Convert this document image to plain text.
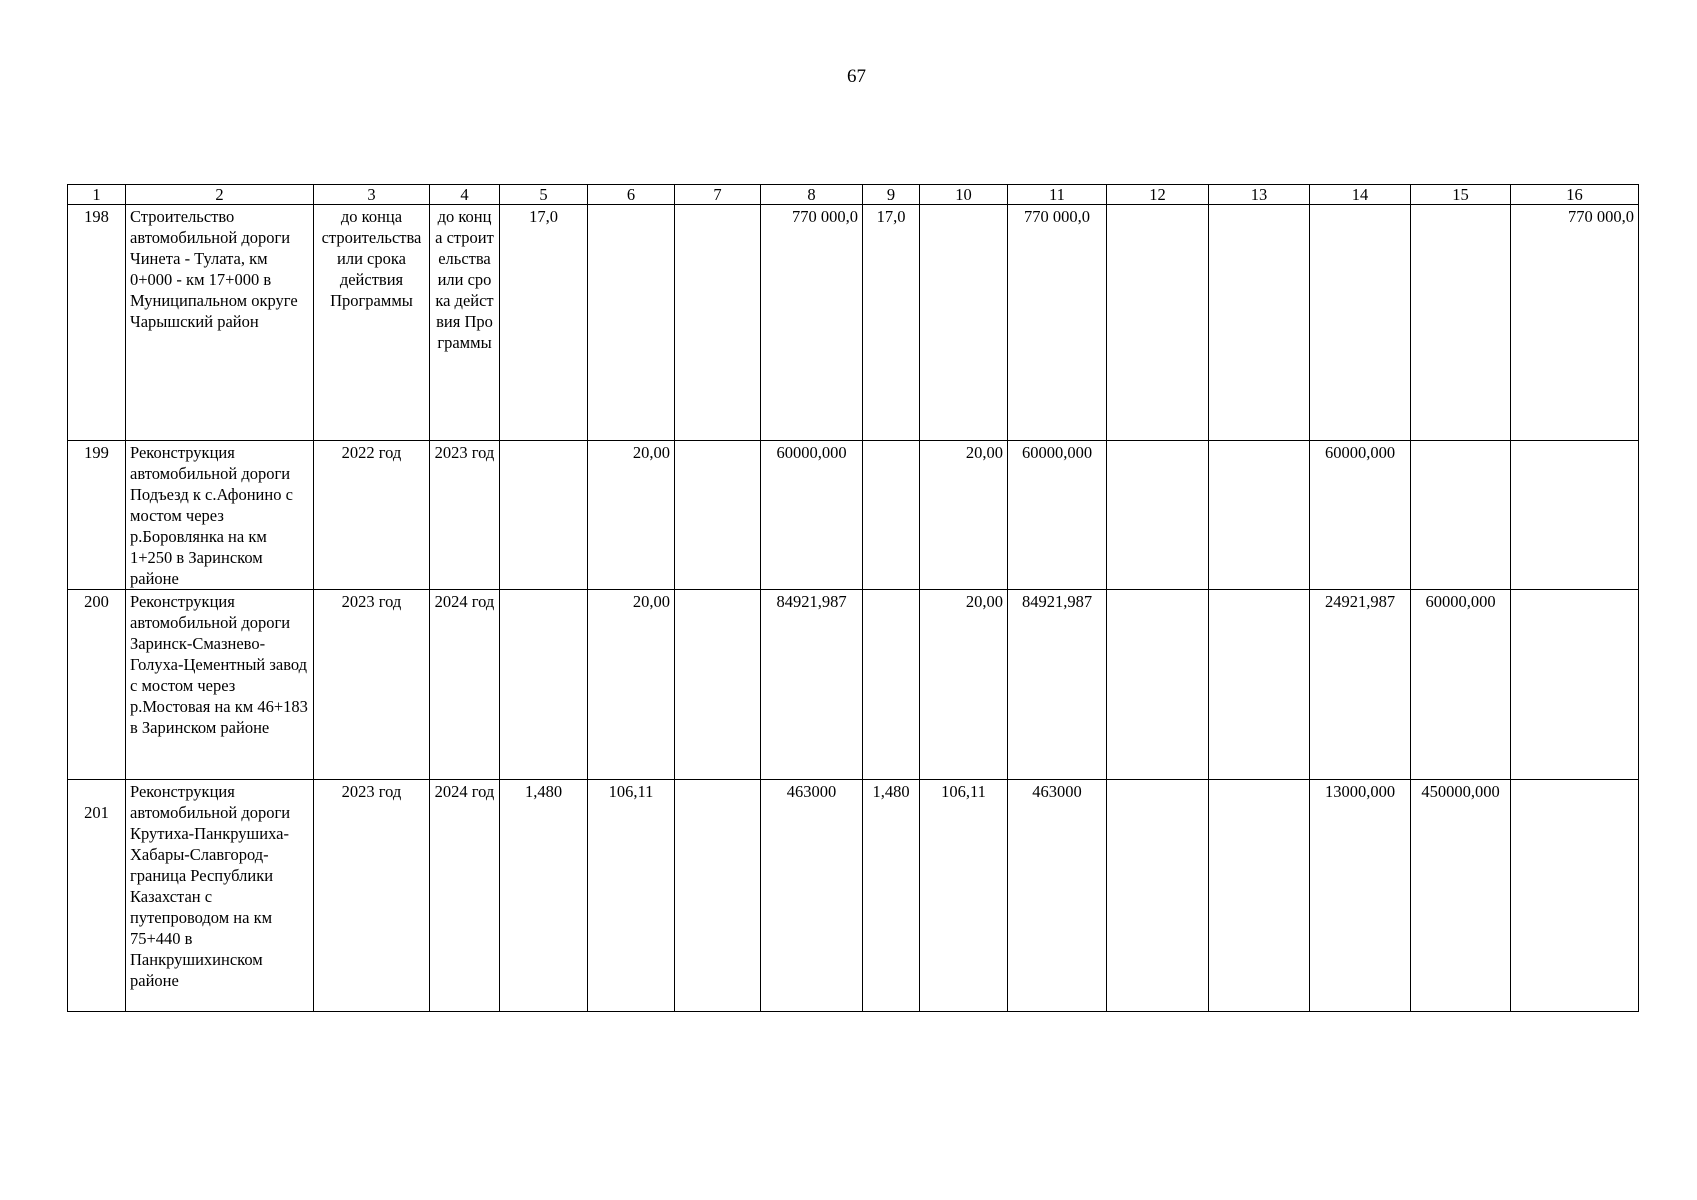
67
1	2	3	4	5	6	7	8	9	10	11	12	13	14	15	16
198	Строительство автомобильной дороги Чинета - Тулата, км 0+000 - км 17+000 в Муниципальном округе Чарышский район	до конца строительства или срока действия Программы	до конца строительства или срока действия Программы	17,0			770 000,0	17,0		770 000,0					770 000,0
199	Реконструкция автомобильной дороги Подъезд к с.Афонино с мостом через р.Боровлянка на км 1+250 в Заринском районе	2022 год	2023 год		20,00		60000,000		20,00	60000,000			60000,000		
200	Реконструкция автомобильной дороги Заринск-Смазнево-Голуха-Цементный завод с мостом через р.Мостовая на км 46+183 в Заринском районе	2023 год	2024 год		20,00		84921,987		20,00	84921,987			24921,987	60000,000	
201	Реконструкция автомобильной дороги Крутиха-Панкрушиха-Хабары-Славгород-граница Республики Казахстан с путепроводом на км 75+440 в Панкрушихинском районе	2023 год	2024 год	1,480	106,11		463000	1,480	106,11	463000			13000,000	450000,000	
